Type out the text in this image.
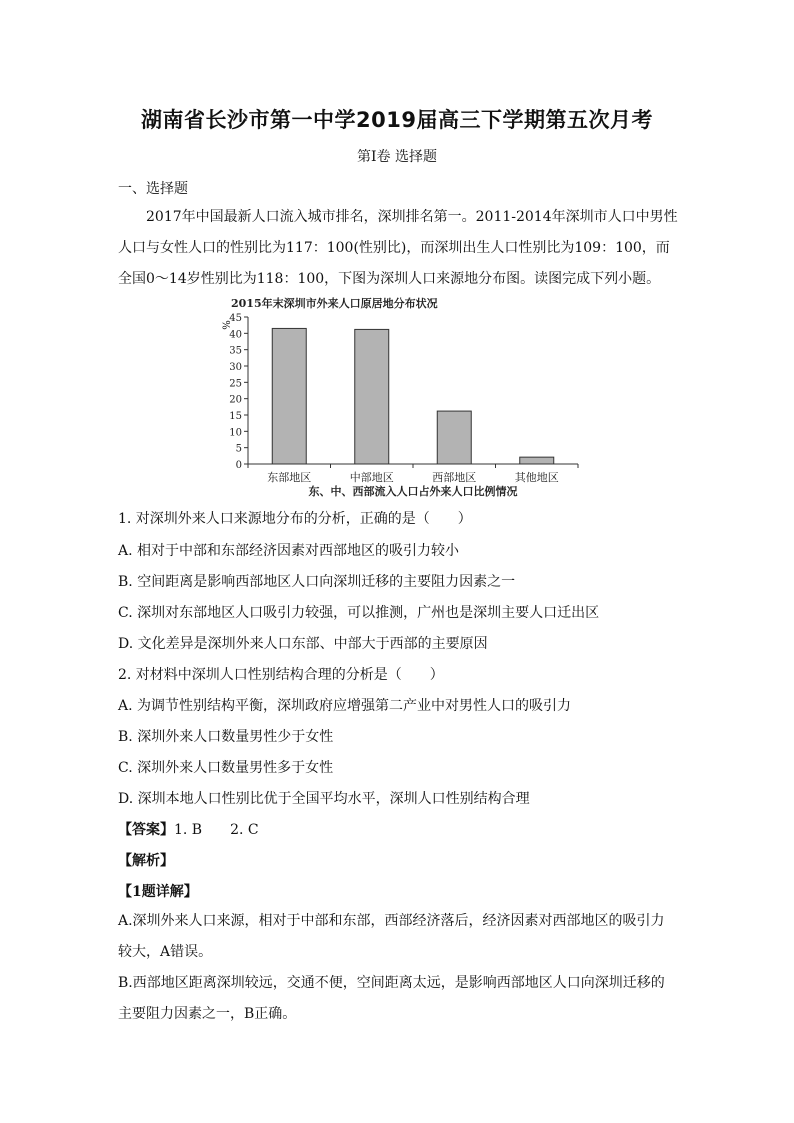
湖南省长沙市第一中学2019届高三下学期第五次月考
第Ⅰ卷 选择题
一、选择题
2017年中国最新人口流入城市排名，深圳排名第一。2011-2014年深圳市人口中男性人口与女性人口的性别比为117：100(性别比)，而深圳出生人口性别比为109：100，而全国0～14岁性别比为118：100，下图为深圳人口来源地分布图。读图完成下列小题。
2015年末深圳市外来人口原居地分布状况
%
0
5
10
15
20
25
30
35
40
45
东部地区	中部地区	西部地区	其他地区
东、中、西部流入人口占外来人口比例情况
1. 对深圳外来人口来源地分布的分析，正确的是（　　）
A. 相对于中部和东部经济因素对西部地区的吸引力较小
B. 空间距离是影响西部地区人口向深圳迁移的主要阻力因素之一
C. 深圳对东部地区人口吸引力较强，可以推测，广州也是深圳主要人口迁出区
D. 文化差异是深圳外来人口东部、中部大于西部的主要原因
2. 对材料中深圳人口性别结构合理的分析是（　　）
A. 为调节性别结构平衡，深圳政府应增强第二产业中对男性人口的吸引力
B. 深圳外来人口数量男性少于女性
C. 深圳外来人口数量男性多于女性
D. 深圳本地人口性别比优于全国平均水平，深圳人口性别结构合理
【答案】1. B　　2. C
【解析】
【1题详解】
A.深圳外来人口来源，相对于中部和东部，西部经济落后，经济因素对西部地区的吸引力较大，A错误。
B.西部地区距离深圳较远，交通不便，空间距离太远，是影响西部地区人口向深圳迁移的主要阻力因素之一，B正确。
